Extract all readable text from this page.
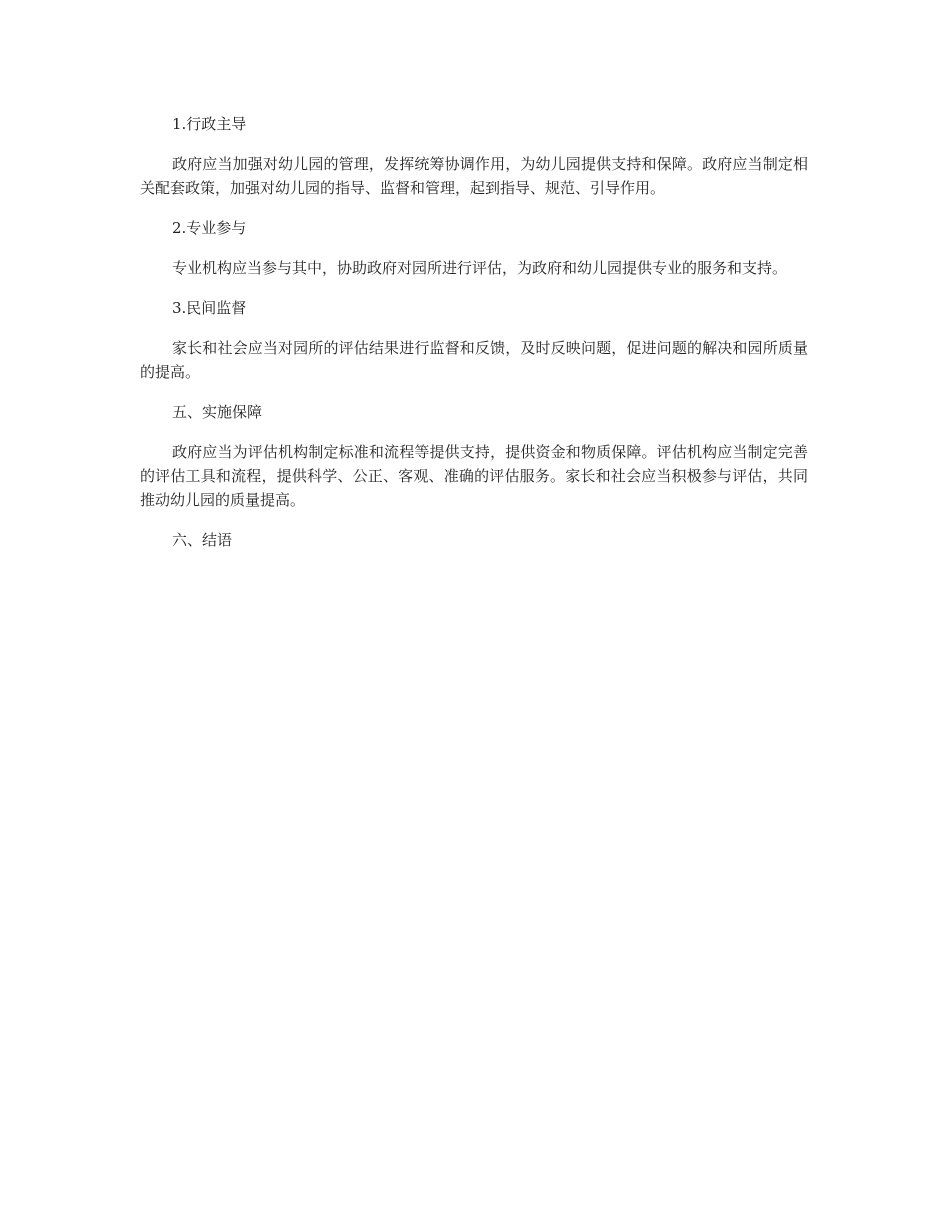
1.行政主导
政府应当加强对幼儿园的管理，发挥统筹协调作用，为幼儿园提供支持和保障。政府应当制定相关配套政策，加强对幼儿园的指导、监督和管理，起到指导、规范、引导作用。
2.专业参与
专业机构应当参与其中，协助政府对园所进行评估，为政府和幼儿园提供专业的服务和支持。
3.民间监督
家长和社会应当对园所的评估结果进行监督和反馈，及时反映问题，促进问题的解决和园所质量的提高。
五、实施保障
政府应当为评估机构制定标准和流程等提供支持，提供资金和物质保障。评估机构应当制定完善的评估工具和流程，提供科学、公正、客观、准确的评估服务。家长和社会应当积极参与评估，共同推动幼儿园的质量提高。
六、结语
